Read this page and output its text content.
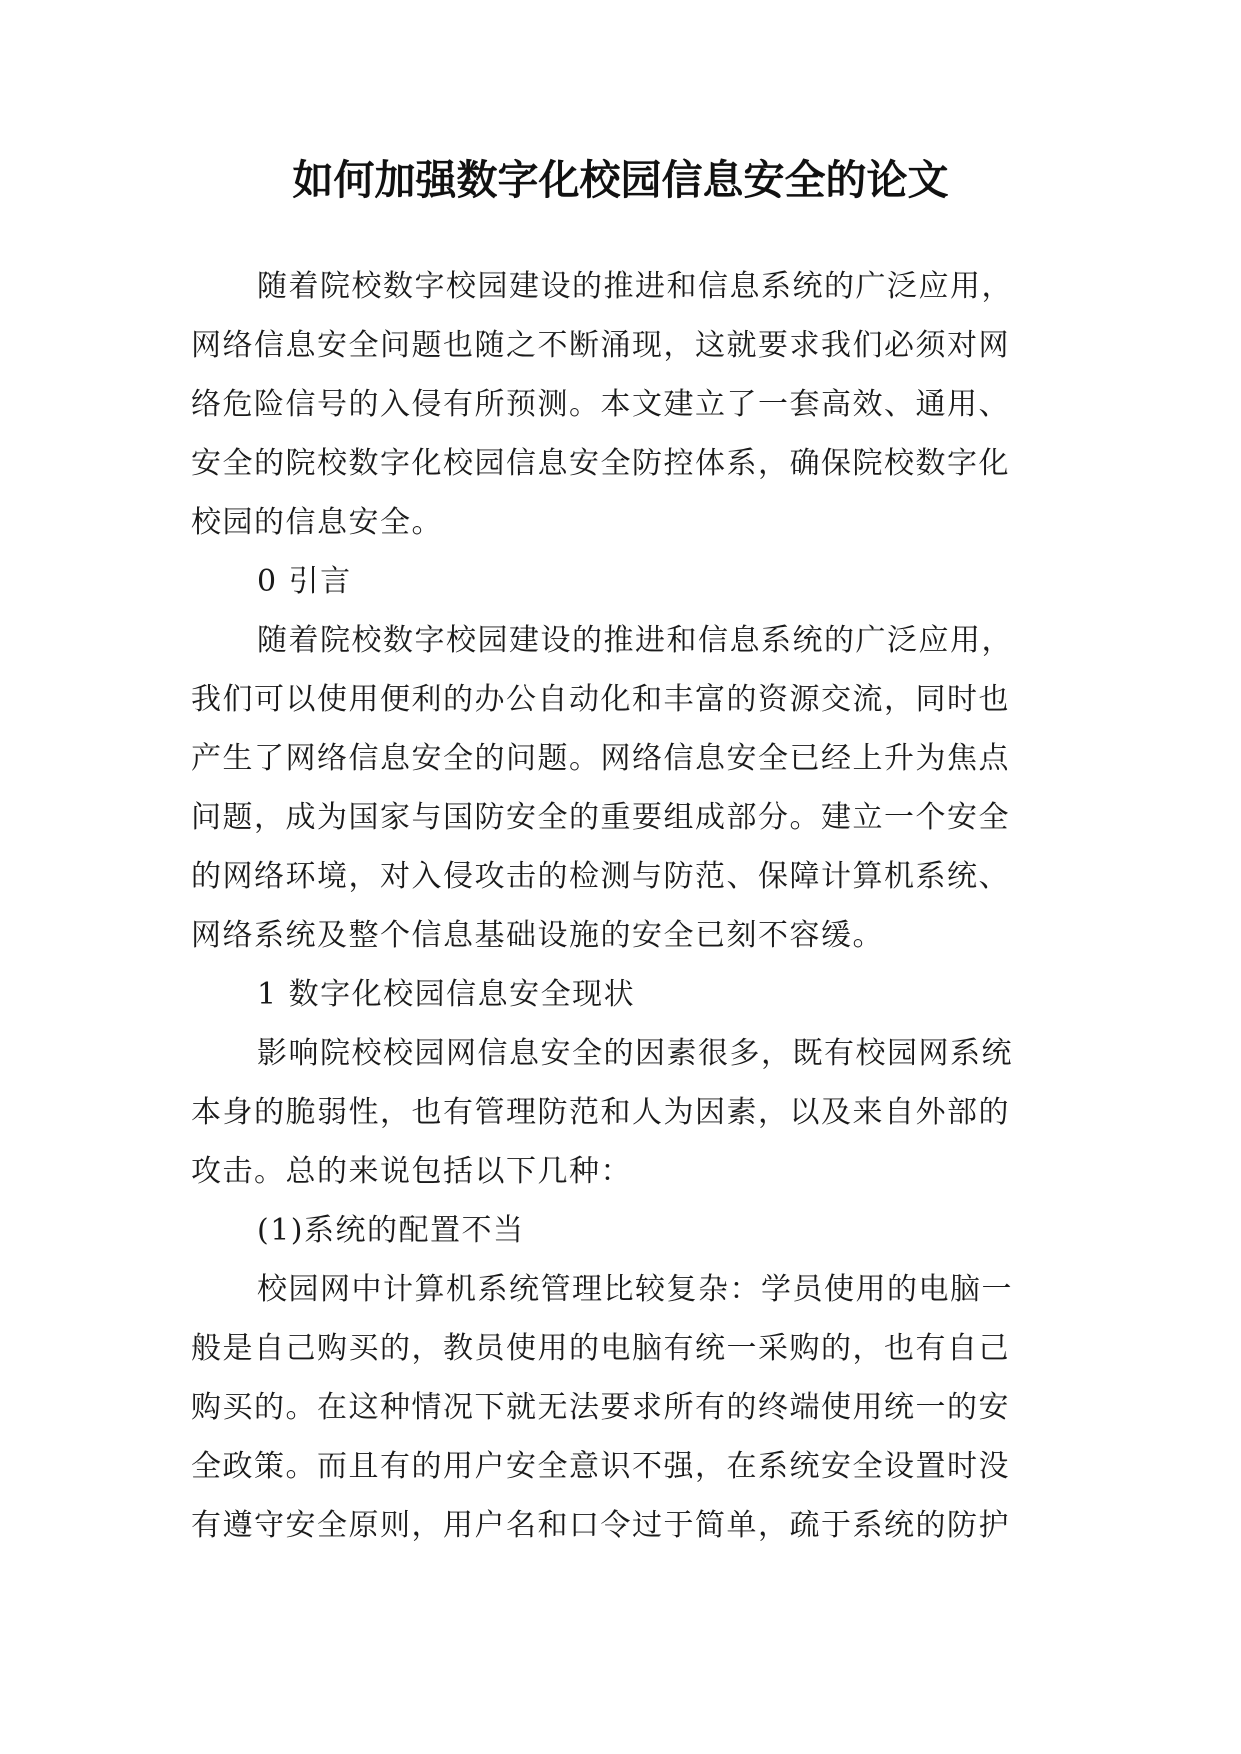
如何加强数字化校园信息安全的论文
随着院校数字校园建设的推进和信息系统的广泛应用，
网络信息安全问题也随之不断涌现，这就要求我们必须对网
络危险信号的入侵有所预测。本文建立了一套高效、通用、
安全的院校数字化校园信息安全防控体系，确保院校数字化
校园的信息安全。
0 引言
随着院校数字校园建设的推进和信息系统的广泛应用，
我们可以使用便利的办公自动化和丰富的资源交流，同时也
产生了网络信息安全的问题。网络信息安全已经上升为焦点
问题，成为国家与国防安全的重要组成部分。建立一个安全
的网络环境，对入侵攻击的检测与防范、保障计算机系统、
网络系统及整个信息基础设施的安全已刻不容缓。
1 数字化校园信息安全现状
影响院校校园网信息安全的因素很多，既有校园网系统
本身的脆弱性，也有管理防范和人为因素，以及来自外部的
攻击。总的来说包括以下几种：
(1)系统的配置不当
校园网中计算机系统管理比较复杂：学员使用的电脑一
般是自己购买的，教员使用的电脑有统一采购的，也有自己
购买的。在这种情况下就无法要求所有的终端使用统一的安
全政策。而且有的用户安全意识不强，在系统安全设置时没
有遵守安全原则，用户名和口令过于简单，疏于系统的防护
